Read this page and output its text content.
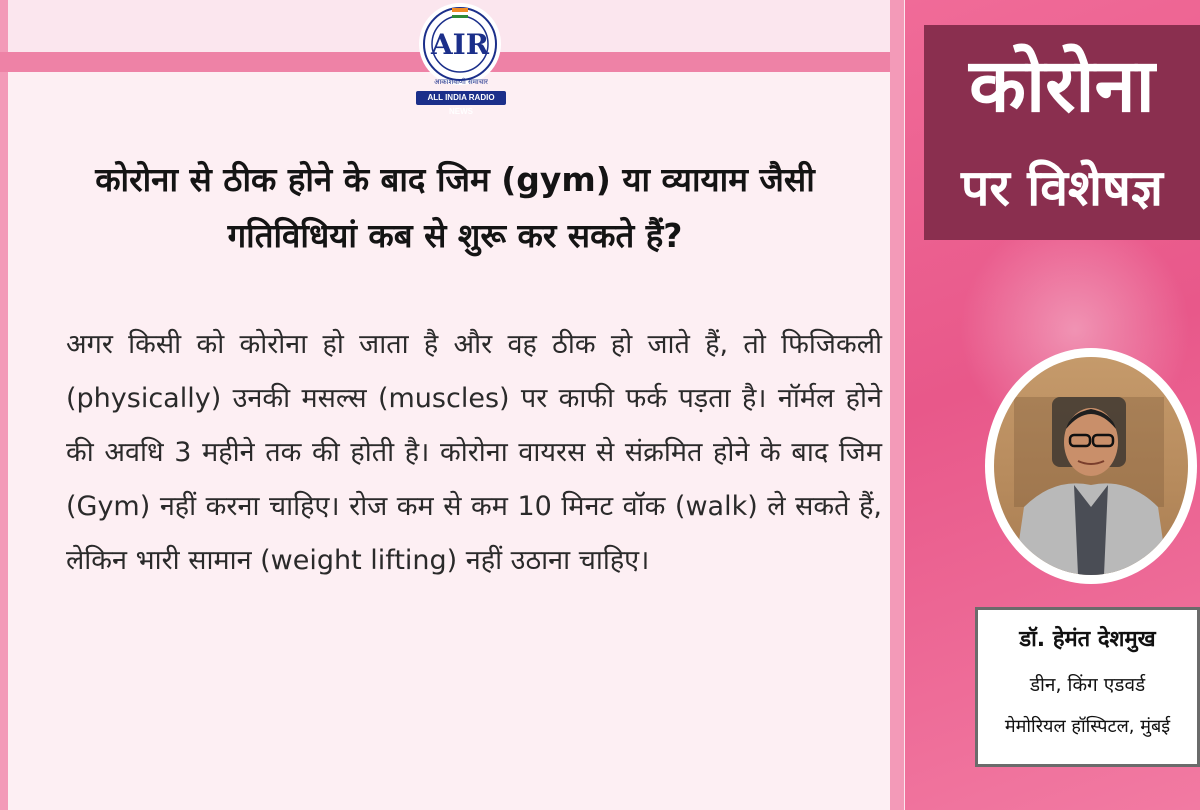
AIR
आकाशवाणी समाचार
ALL INDIA RADIO NEWS
कोरोना से ठीक होने के बाद जिम (gym) या व्यायाम जैसी
गतिविधियां कब से शुरू कर सकते हैं?
अगर किसी को कोरोना हो जाता है और वह ठीक हो जाते हैं, तो फिजिकली (physically) उनकी मसल्स (muscles) पर काफी फर्क पड़ता है। नॉर्मल होने की अवधि 3 महीने तक की होती है। कोरोना वायरस से संक्रमित होने के बाद जिम (Gym) नहीं करना चाहिए। रोज कम से कम 10 मिनट वॉक (walk) ले सकते हैं, लेकिन भारी सामान (weight lifting) नहीं उठाना चाहिए।
कोरोना
पर विशेषज्ञ
डॉ. हेमंत देशमुख
डीन, किंग एडवर्ड
मेमोरियल हॉस्पिटल, मुंबई
